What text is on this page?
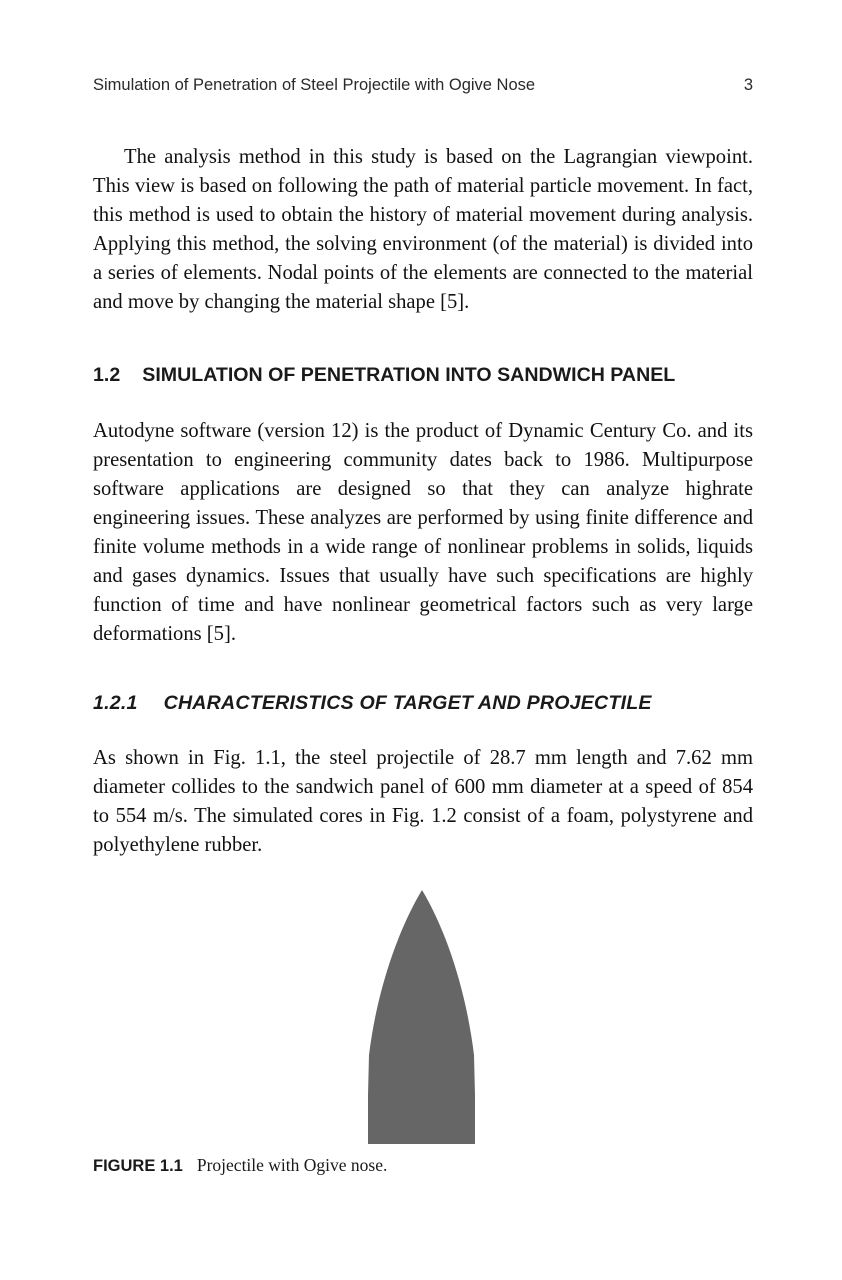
Simulation of Penetration of Steel Projectile with Ogive Nose	3

The analysis method in this study is based on the Lagrangian viewpoint. This view is based on following the path of material particle movement. In fact, this method is used to obtain the history of material movement during analysis. Applying this method, the solving environment (of the material) is divided into a series of elements. Nodal points of the elements are connected to the material and move by changing the material shape [5].

1.2 SIMULATION OF PENETRATION INTO SANDWICH PANEL

Autodyne software (version 12) is the product of Dynamic Century Co. and its presentation to engineering community dates back to 1986. Multipurpose software applications are designed so that they can analyze highrate engineering issues. These analyzes are performed by using finite difference and finite volume methods in a wide range of nonlinear problems in solids, liquids and gases dynamics. Issues that usually have such specifications are highly function of time and have nonlinear geometrical factors such as very large deformations [5].

1.2.1 CHARACTERISTICS OF TARGET AND PROJECTILE

As shown in Fig. 1.1, the steel projectile of 28.7 mm length and 7.62 mm diameter collides to the sandwich panel of 600 mm diameter at a speed of 854 to 554 m/s. The simulated cores in Fig. 1.2 consist of a foam, polystyrene and polyethylene rubber.

FIGURE 1.1 Projectile with Ogive nose.
